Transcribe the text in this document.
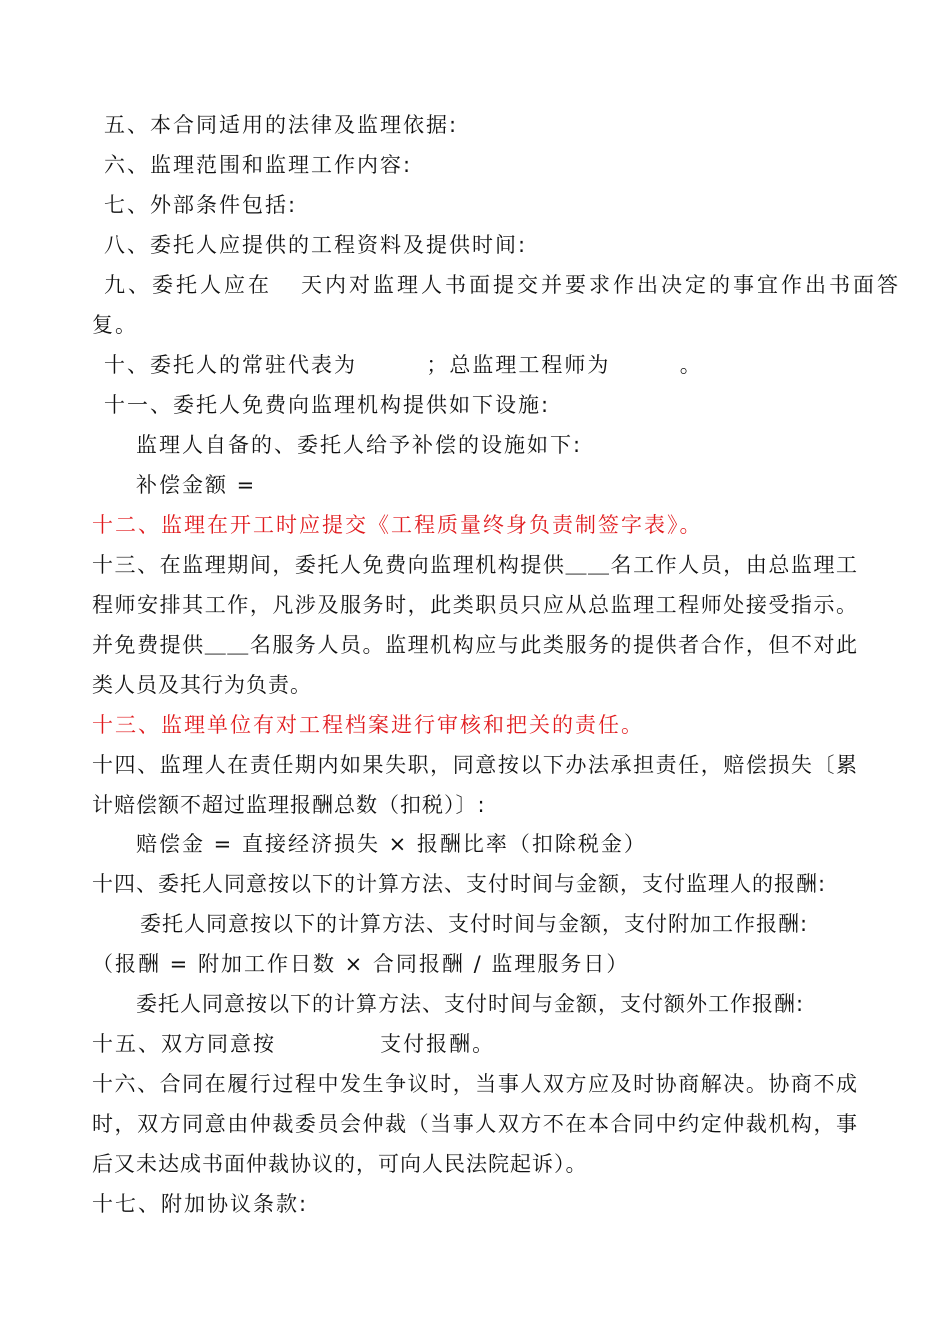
五、本合同适用的法律及监理依据:
六、监理范围和监理工作内容:
七、外部条件包括:
八、委托人应提供的工程资料及提供时间:
九、委托人应在   天内对监理人书面提交并要求作出决定的事宜作出书面答
复。
十、委托人的常驻代表为        ；总监理工程师为        。
十一、委托人免费向监理机构提供如下设施:
监理人自备的、委托人给予补偿的设施如下:
补偿金额 =
十二、监理在开工时应提交《工程质量终身负责制签字表》。
十三、在监理期间，委托人免费向监理机构提供＿＿名工作人员，由总监理工程师安排其工作，凡涉及服务时，此类职员只应从总监理工程师处接受指示。并免费提供＿＿名服务人员。监理机构应与此类服务的提供者合作，但不对此类人员及其行为负责。
十三、监理单位有对工程档案进行审核和把关的责任。
十四、监理人在责任期内如果失职，同意按以下办法承担责任，赔偿损失〔累计赔偿额不超过监理报酬总数（扣税）〕:
赔偿金 = 直接经济损失 × 报酬比率（扣除税金）
十四、委托人同意按以下的计算方法、支付时间与金额，支付监理人的报酬:
委托人同意按以下的计算方法、支付时间与金额，支付附加工作报酬:
（报酬 = 附加工作日数 × 合同报酬 / 监理服务日）
委托人同意按以下的计算方法、支付时间与金额，支付额外工作报酬:
十五、双方同意按            支付报酬。
十六、合同在履行过程中发生争议时，当事人双方应及时协商解决。协商不成时，双方同意由仲裁委员会仲裁（当事人双方不在本合同中约定仲裁机构，事后又未达成书面仲裁协议的，可向人民法院起诉）。
十七、附加协议条款:
